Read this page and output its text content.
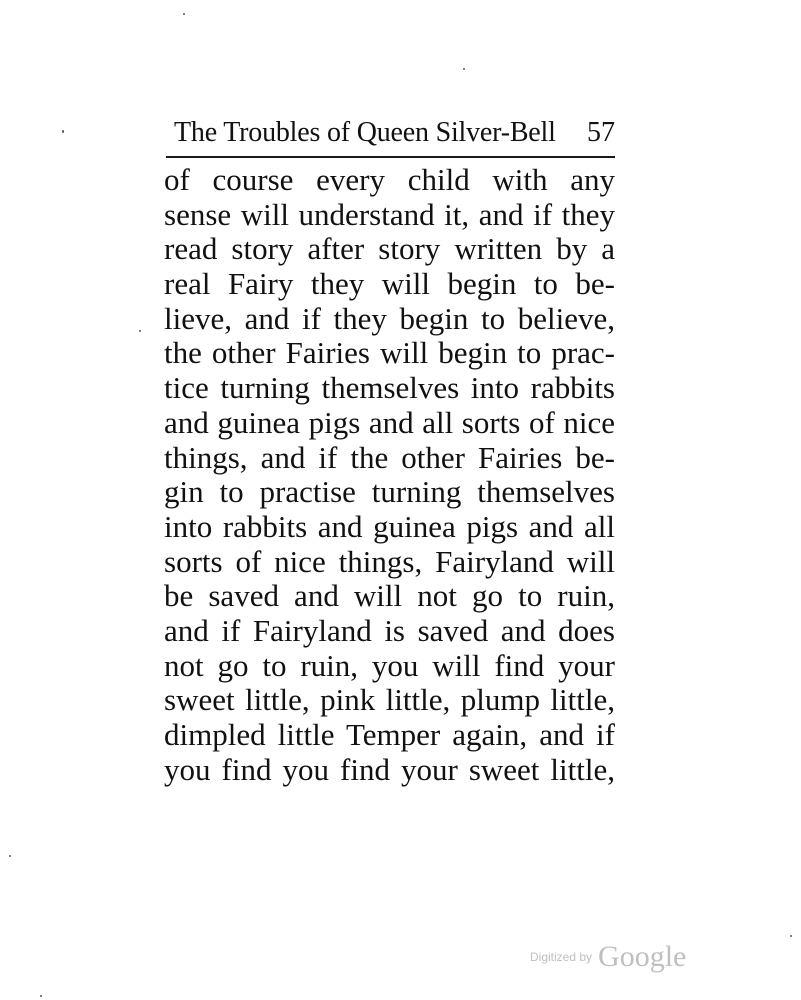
The Troubles of Queen Silver-Bell 57
of course every child with any
sense will understand it, and if they
read story after story written by a
real Fairy they will begin to be-
lieve, and if they begin to believe,
the other Fairies will begin to prac-
tice turning themselves into rabbits
and guinea pigs and all sorts of nice
things, and if the other Fairies be-
gin to practise turning themselves
into rabbits and guinea pigs and all
sorts of nice things, Fairyland will
be saved and will not go to ruin,
and if Fairyland is saved and does
not go to ruin, you will find your
sweet little, pink little, plump little,
dimpled little Temper again, and if
you find you find your sweet little,
Digitized by Google
